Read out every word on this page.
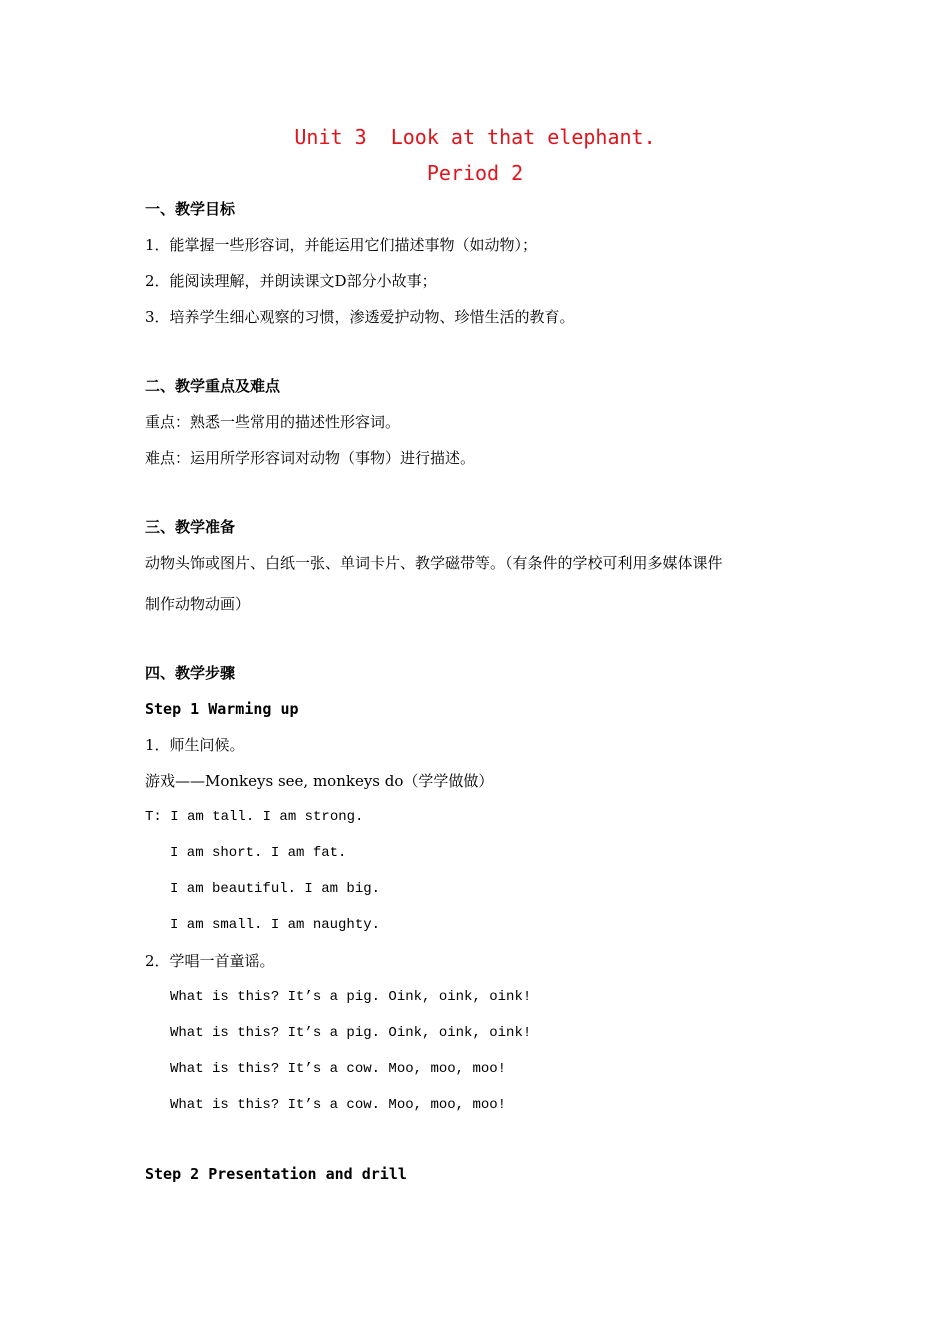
Unit 3  Look at that elephant.
Period 2
一、教学目标
1．能掌握一些形容词，并能运用它们描述事物（如动物）；
2．能阅读理解，并朗读课文D部分小故事；
3．培养学生细心观察的习惯，渗透爱护动物、珍惜生活的教育。
二、教学重点及难点
重点：熟悉一些常用的描述性形容词。
难点：运用所学形容词对动物（事物）进行描述。
三、教学准备
动物头饰或图片、白纸一张、单词卡片、教学磁带等。（有条件的学校可利用多媒体课件
制作动物动画）
四、教学步骤
Step 1 Warming up
1．师生问候。
游戏——Monkeys see, monkeys do（学学做做）
T: I am tall. I am strong.
I am short. I am fat.
I am beautiful. I am big.
I am small. I am naughty.
2．学唱一首童谣。
What is this? It’s a pig. Oink, oink, oink!
What is this? It’s a pig. Oink, oink, oink!
What is this? It’s a cow. Moo, moo, moo!
What is this? It’s a cow. Moo, moo, moo!
Step 2 Presentation and drill
